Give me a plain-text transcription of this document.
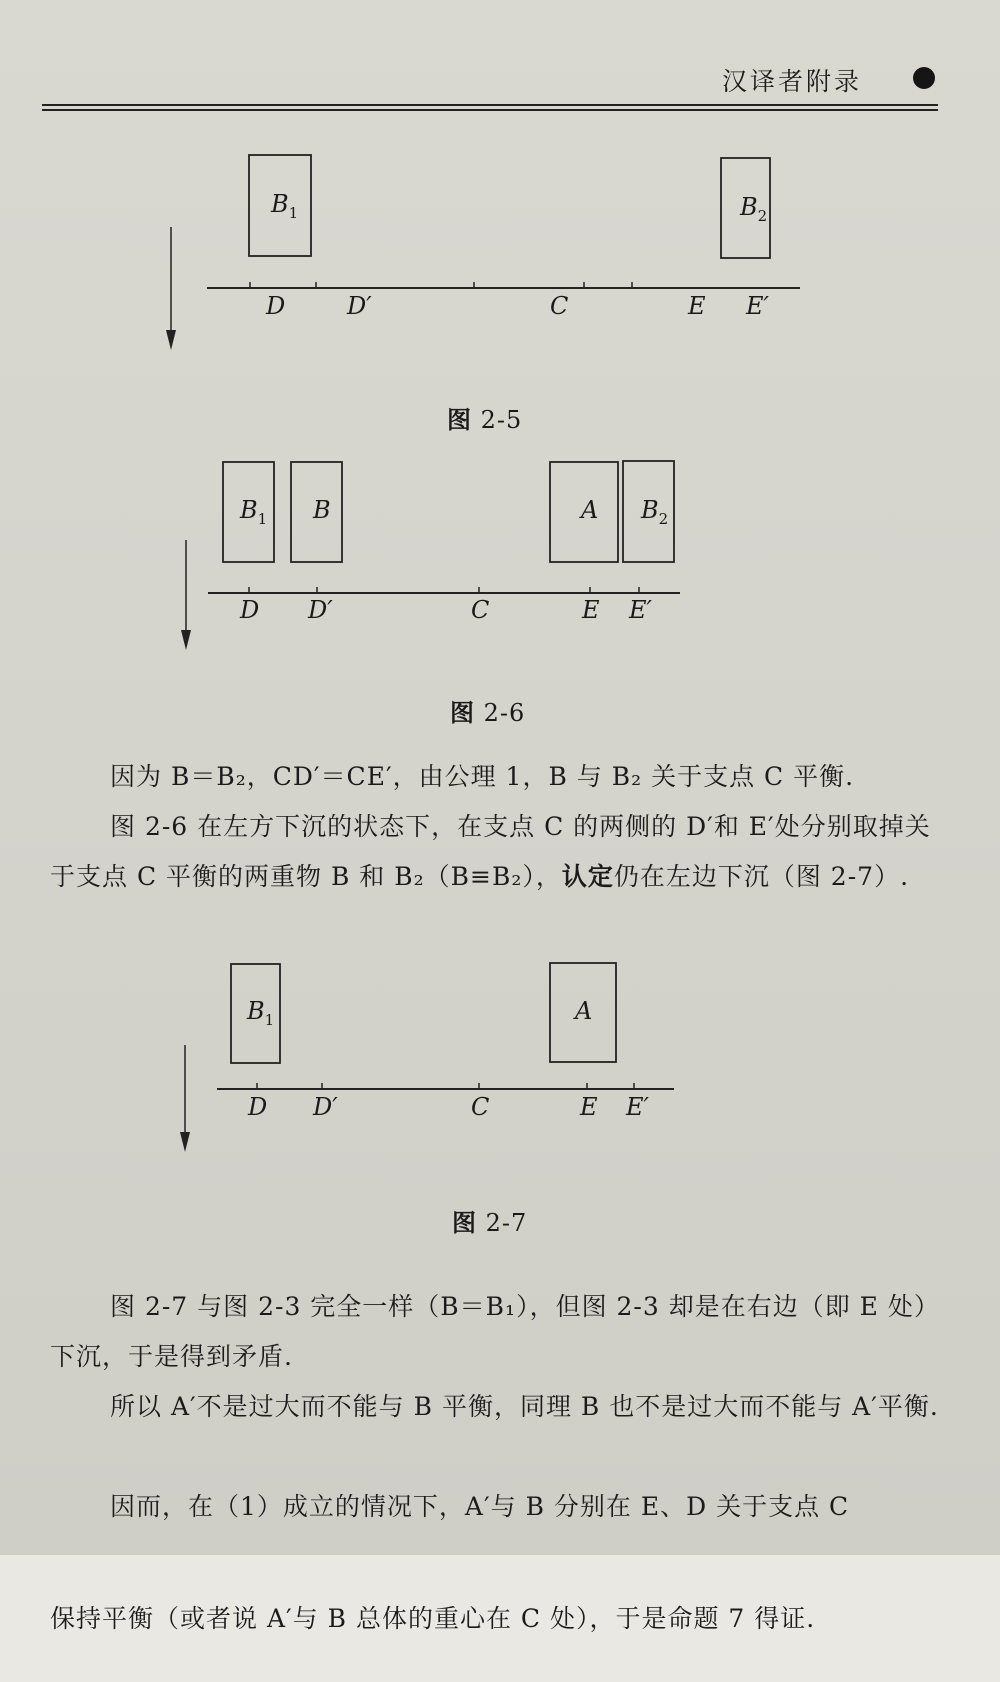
汉译者附录
$B_1$	$B_2$
D	D′	C	E E′
图 2-5
$B_1$ B	A $B_2$
D D′	C	E E′
图 2-6
因为 B＝B₂，CD′＝CE′，由公理 1，B 与 B₂ 关于支点 C 平衡.
图 2-6 在左方下沉的状态下，在支点 C 的两侧的 D′和 E′处分别取掉关于支点 C 平衡的两重物 B 和 B₂（B≡B₂），认定仍在左边下沉（图 2-7）.
$B_1$	A
D D′	C	E E′
图 2-7
图 2-7 与图 2-3 完全一样（B＝B₁），但图 2-3 却是在右边（即 E 处）下沉，于是得到矛盾.
所以 A′不是过大而不能与 B 平衡，同理 B 也不是过大而不能与 A′平衡.
因而，在（1）成立的情况下，A′与 B 分别在 E、D 关于支点 C
保持平衡（或者说 A′与 B 总体的重心在 C 处），于是命题 7 得证.
